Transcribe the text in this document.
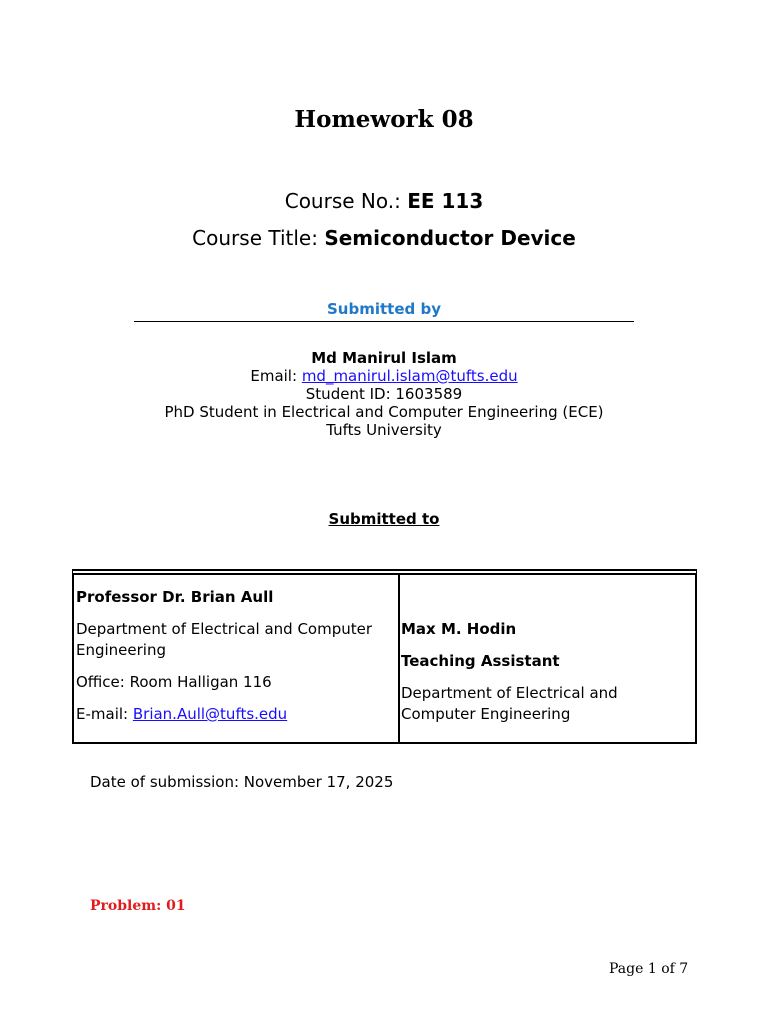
Homework 08
Course No.: EE 113
Course Title: Semiconductor Device
Submitted by
Md Manirul Islam
Email: md_manirul.islam@tufts.edu
Student ID: 1603589
PhD Student in Electrical and Computer Engineering (ECE)
Tufts University
Submitted to

Professor Dr. Brian Aull

Department of Electrical and Computer Engineering

Office: Room Halligan 116

E-mail: Brian.Aull@tufts.edu

Max M. Hodin

Teaching Assistant

Department of Electrical and Computer Engineering

Date of submission: November 17, 2025
Problem: 01
Page 1 of 7
